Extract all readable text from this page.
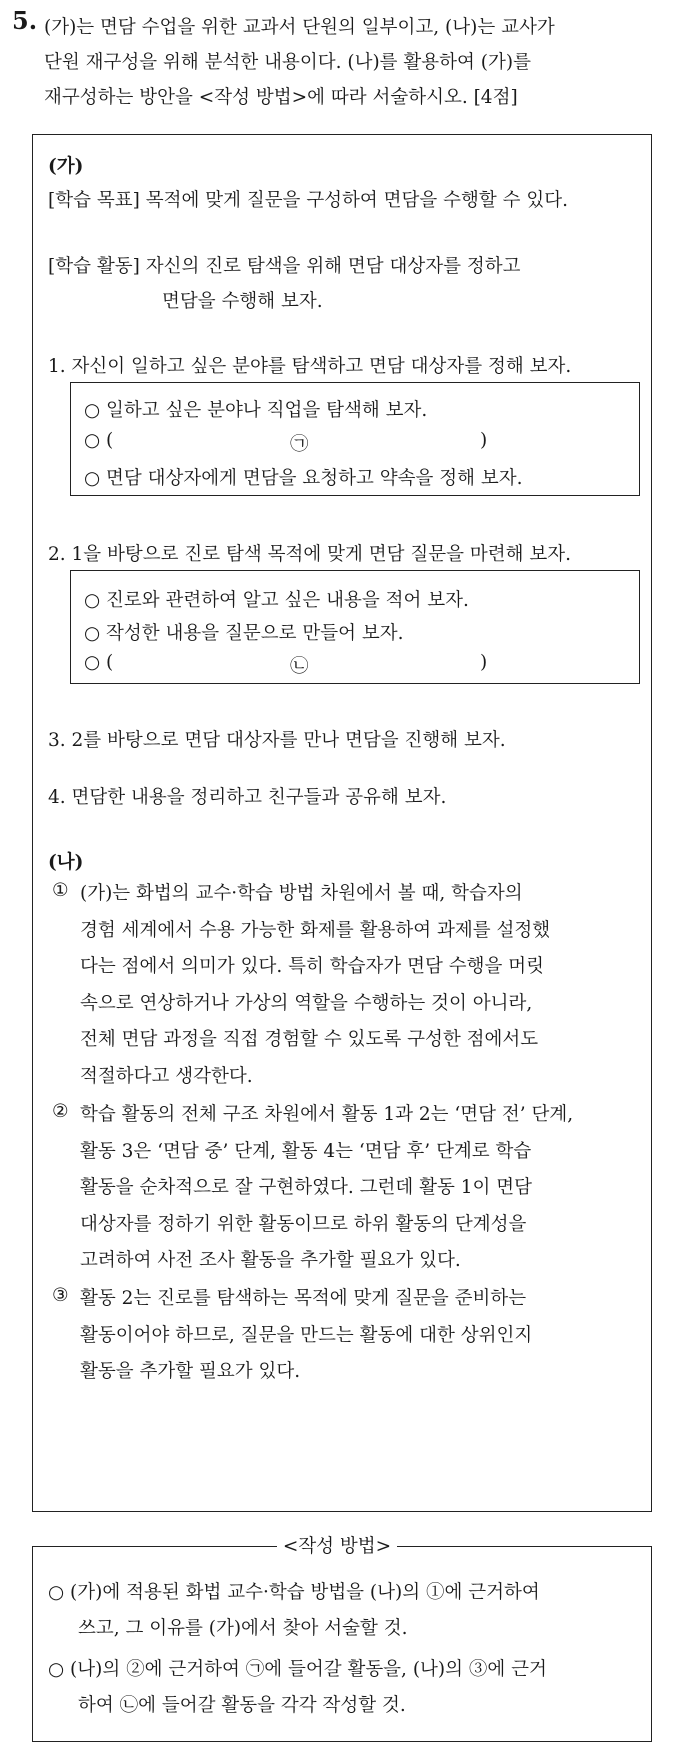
5. (가)는 면담 수업을 위한 교과서 단원의 일부이고, (나)는 교사가
단원 재구성을 위해 분석한 내용이다. (나)를 활용하여 (가)를
재구성하는 방안을 <작성 방법>에 따라 서술하시오. [4점]
(가)
[학습 목표] 목적에 맞게 질문을 구성하여 면담을 수행할 수 있다.
[학습 활동] 자신의 진로 탐색을 위해 면담 대상자를 정하고
면담을 수행해 보자.
1. 자신이 일하고 싶은 분야를 탐색하고 면담 대상자를 정해 보자.
○ 일하고 싶은 분야나 직업을 탐색해 보자.
○ (	㉠	)
○ 면담 대상자에게 면담을 요청하고 약속을 정해 보자.
2. 1을 바탕으로 진로 탐색 목적에 맞게 면담 질문을 마련해 보자.
○ 진로와 관련하여 알고 싶은 내용을 적어 보자.
○ 작성한 내용을 질문으로 만들어 보자.
○ (	㉡	)
3. 2를 바탕으로 면담 대상자를 만나 면담을 진행해 보자.
4. 면담한 내용을 정리하고 친구들과 공유해 보자.
(나)
① (가)는 화법의 교수·학습 방법 차원에서 볼 때, 학습자의
경험 세계에서 수용 가능한 화제를 활용하여 과제를 설정했
다는 점에서 의미가 있다. 특히 학습자가 면담 수행을 머릿
속으로 연상하거나 가상의 역할을 수행하는 것이 아니라,
전체 면담 과정을 직접 경험할 수 있도록 구성한 점에서도
적절하다고 생각한다.
② 학습 활동의 전체 구조 차원에서 활동 1과 2는 ‘면담 전’ 단계,
활동 3은 ‘면담 중’ 단계, 활동 4는 ‘면담 후’ 단계로 학습
활동을 순차적으로 잘 구현하였다. 그런데 활동 1이 면담
대상자를 정하기 위한 활동이므로 하위 활동의 단계성을
고려하여 사전 조사 활동을 추가할 필요가 있다.
③ 활동 2는 진로를 탐색하는 목적에 맞게 질문을 준비하는
활동이어야 하므로, 질문을 만드는 활동에 대한 상위인지
활동을 추가할 필요가 있다.
<작성 방법>
○ (가)에 적용된 화법 교수·학습 방법을 (나)의 ①에 근거하여
쓰고, 그 이유를 (가)에서 찾아 서술할 것.
○ (나)의 ②에 근거하여 ㉠에 들어갈 활동을, (나)의 ③에 근거
하여 ㉡에 들어갈 활동을 각각 작성할 것.
